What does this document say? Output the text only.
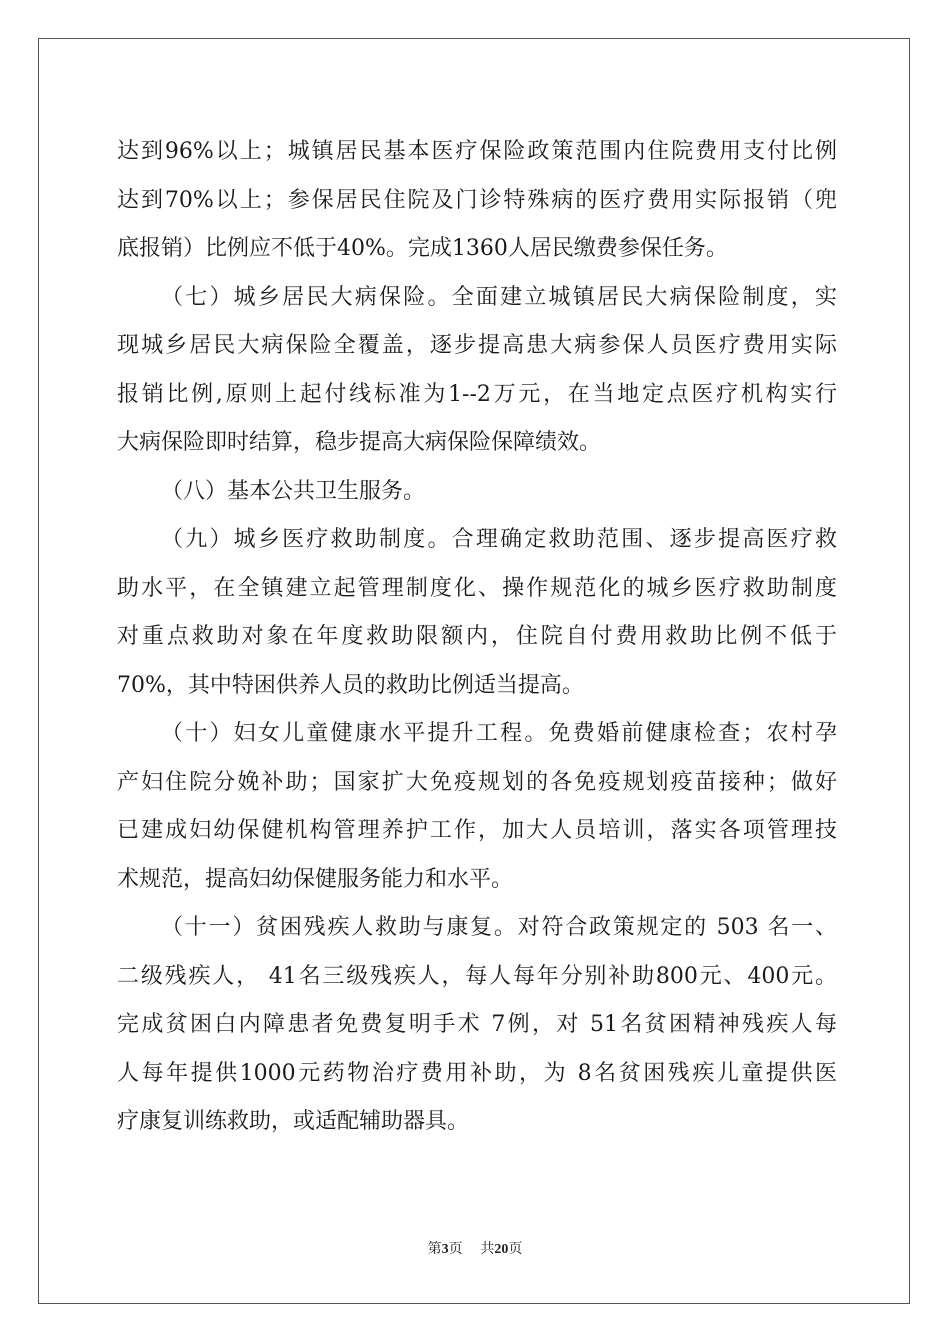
达到96%以上；城镇居民基本医疗保险政策范围内住院费用支付比例
达到70%以上；参保居民住院及门诊特殊病的医疗费用实际报销（兜
底报销）比例应不低于40%。完成1360人居民缴费参保任务。
（七）城乡居民大病保险。全面建立城镇居民大病保险制度，实
现城乡居民大病保险全覆盖，逐步提高患大病参保人员医疗费用实际
报销比例,原则上起付线标准为1--2万元，在当地定点医疗机构实行
大病保险即时结算，稳步提高大病保险保障绩效。
（八）基本公共卫生服务。
（九）城乡医疗救助制度。合理确定救助范围、逐步提高医疗救
助水平，在全镇建立起管理制度化、操作规范化的城乡医疗救助制度
对重点救助对象在年度救助限额内，住院自付费用救助比例不低于
70%，其中特困供养人员的救助比例适当提高。
（十）妇女儿童健康水平提升工程。免费婚前健康检查；农村孕
产妇住院分娩补助；国家扩大免疫规划的各免疫规划疫苗接种；做好
已建成妇幼保健机构管理养护工作，加大人员培训，落实各项管理技
术规范，提高妇幼保健服务能力和水平。
（十一）贫困残疾人救助与康复。对符合政策规定的 503 名一、
二级残疾人， 41名三级残疾人，每人每年分别补助800元、400元。
完成贫困白内障患者免费复明手术 7例，对 51名贫困精神残疾人每
人每年提供1000元药物治疗费用补助，为 8名贫困残疾儿童提供医
疗康复训练救助，或适配辅助器具。
第3页 共20页
